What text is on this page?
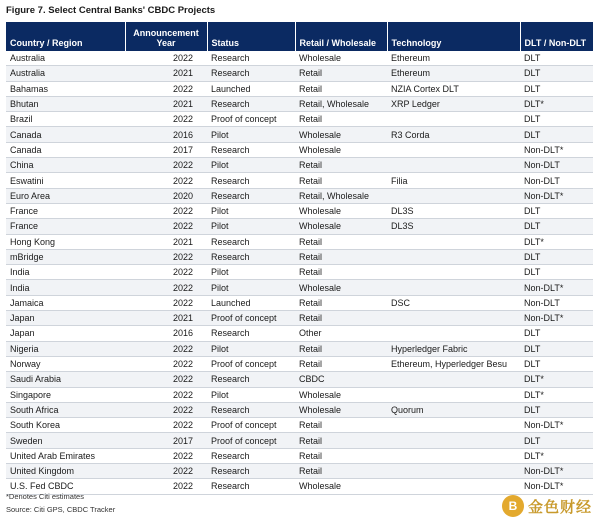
Figure 7. Select Central Banks' CBDC Projects
Country / Region	Announcement Year	Status	Retail / Wholesale	Technology	DLT / Non-DLT
Australia	2022	Research	Wholesale	Ethereum	DLT
Australia	2021	Research	Retail	Ethereum	DLT
Bahamas	2022	Launched	Retail	NZIA Cortex DLT	DLT
Bhutan	2021	Research	Retail, Wholesale	XRP Ledger	DLT*
Brazil	2022	Proof of concept	Retail		DLT
Canada	2016	Pilot	Wholesale	R3 Corda	DLT
Canada	2017	Research	Wholesale		Non-DLT*
China	2022	Pilot	Retail		Non-DLT
Eswatini	2022	Research	Retail	Filia	Non-DLT
Euro Area	2020	Research	Retail, Wholesale		Non-DLT*
France	2022	Pilot	Wholesale	DL3S	DLT
France	2022	Pilot	Wholesale	DL3S	DLT
Hong Kong	2021	Research	Retail		DLT*
mBridge	2022	Research	Retail		DLT
India	2022	Pilot	Retail		DLT
India	2022	Pilot	Wholesale		Non-DLT*
Jamaica	2022	Launched	Retail	DSC	Non-DLT
Japan	2021	Proof of concept	Retail		Non-DLT*
Japan	2016	Research	Other		DLT
Nigeria	2022	Pilot	Retail	Hyperledger Fabric	DLT
Norway	2022	Proof of concept	Retail	Ethereum, Hyperledger Besu	DLT
Saudi Arabia	2022	Research	CBDC		DLT*
Singapore	2022	Pilot	Wholesale		DLT*
South Africa	2022	Research	Wholesale	Quorum	DLT
South Korea	2022	Proof of concept	Retail		Non-DLT*
Sweden	2017	Proof of concept	Retail		DLT
United Arab Emirates	2022	Research	Retail		DLT*
United Kingdom	2022	Research	Retail		Non-DLT*
U.S. Fed CBDC	2022	Research	Wholesale		Non-DLT*
*Denotes Citi estimates
Source: Citi GPS, CBDC Tracker	B 金色财经
